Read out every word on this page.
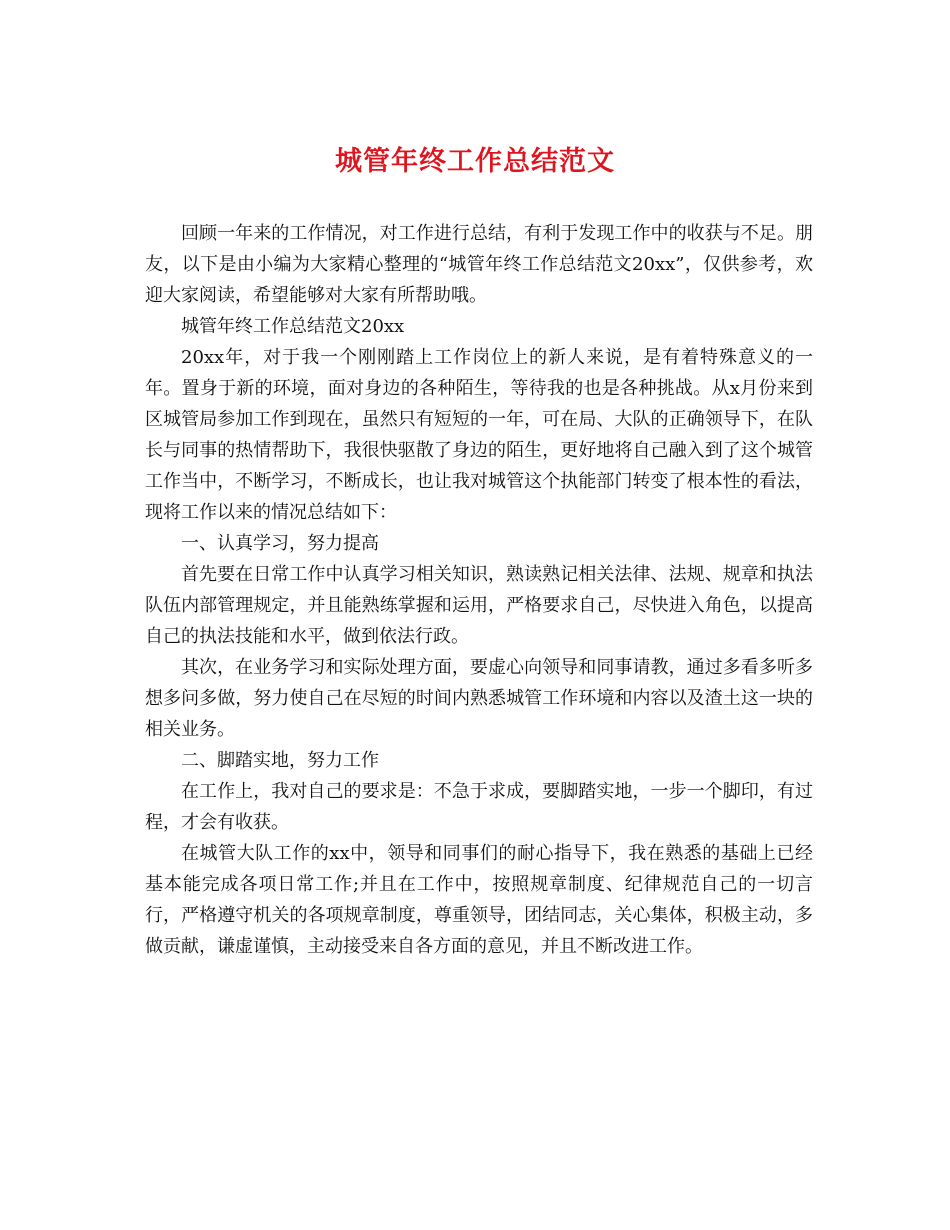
城管年终工作总结范文

回顾一年来的工作情况，对工作进行总结，有利于发现工作中的收获与不足。朋友，以下是由小编为大家精心整理的“城管年终工作总结范文20xx”，仅供参考，欢迎大家阅读，希望能够对大家有所帮助哦。

城管年终工作总结范文20xx

20xx年，对于我一个刚刚踏上工作岗位上的新人来说，是有着特殊意义的一年。置身于新的环境，面对身边的各种陌生，等待我的也是各种挑战。从x月份来到区城管局参加工作到现在，虽然只有短短的一年，可在局、大队的正确领导下，在队长与同事的热情帮助下，我很快驱散了身边的陌生，更好地将自己融入到了这个城管工作当中，不断学习，不断成长，也让我对城管这个执能部门转变了根本性的看法，现将工作以来的情况总结如下：

一、认真学习，努力提高

首先要在日常工作中认真学习相关知识，熟读熟记相关法律、法规、规章和执法队伍内部管理规定，并且能熟练掌握和运用，严格要求自己，尽快进入角色，以提高自己的执法技能和水平，做到依法行政。

其次，在业务学习和实际处理方面，要虚心向领导和同事请教，通过多看多听多想多问多做，努力使自己在尽短的时间内熟悉城管工作环境和内容以及渣土这一块的相关业务。

二、脚踏实地，努力工作

在工作上，我对自己的要求是：不急于求成，要脚踏实地，一步一个脚印，有过程，才会有收获。

在城管大队工作的xx中，领导和同事们的耐心指导下，我在熟悉的基础上已经基本能完成各项日常工作;并且在工作中，按照规章制度、纪律规范自己的一切言行，严格遵守机关的各项规章制度，尊重领导，团结同志，关心集体，积极主动，多做贡献，谦虚谨慎，主动接受来自各方面的意见，并且不断改进工作。
